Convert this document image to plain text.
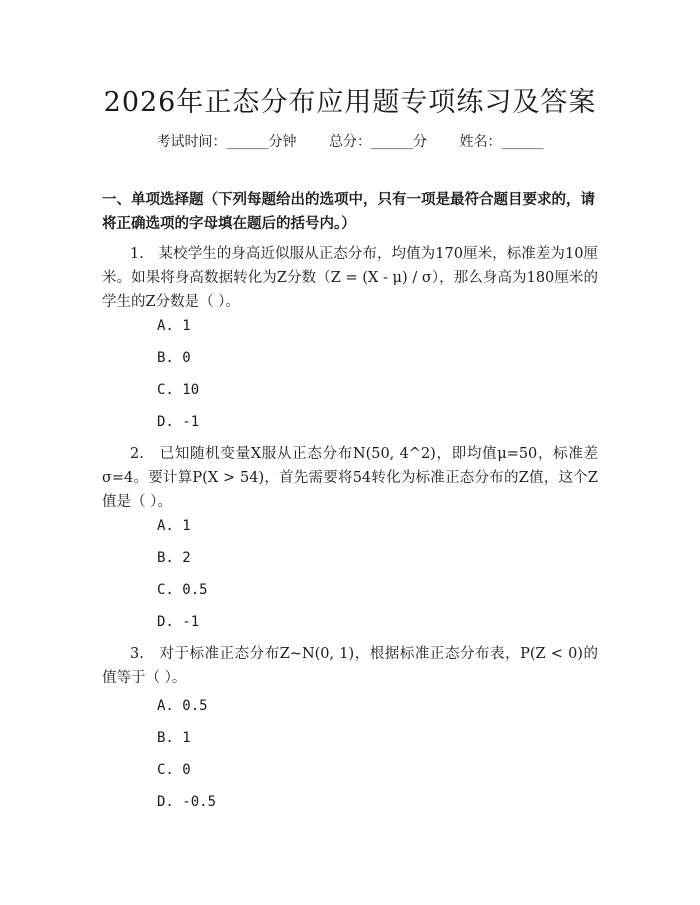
2026年正态分布应用题专项练习及答案
考试时间：______分钟 总分：______分 姓名：______
一、单项选择题（下列每题给出的选项中，只有一项是最符合题目要求的，请将正确选项的字母填在题后的括号内。）
1.　某校学生的身高近似服从正态分布，均值为170厘米，标准差为10厘米。如果将身高数据转化为Z分数（Z = (X - μ) / σ），那么身高为180厘米的学生的Z分数是（ ）。
A. 1
B. 0
C. 10
D. -1
2.　已知随机变量X服从正态分布N(50, 4^2)，即均值μ=50，标准差σ=4。要计算P(X > 54)，首先需要将54转化为标准正态分布的Z值，这个Z值是（ ）。
A. 1
B. 2
C. 0.5
D. -1
3.　对于标准正态分布Z~N(0, 1)，根据标准正态分布表，P(Z < 0)的值等于（ ）。
A. 0.5
B. 1
C. 0
D. -0.5
